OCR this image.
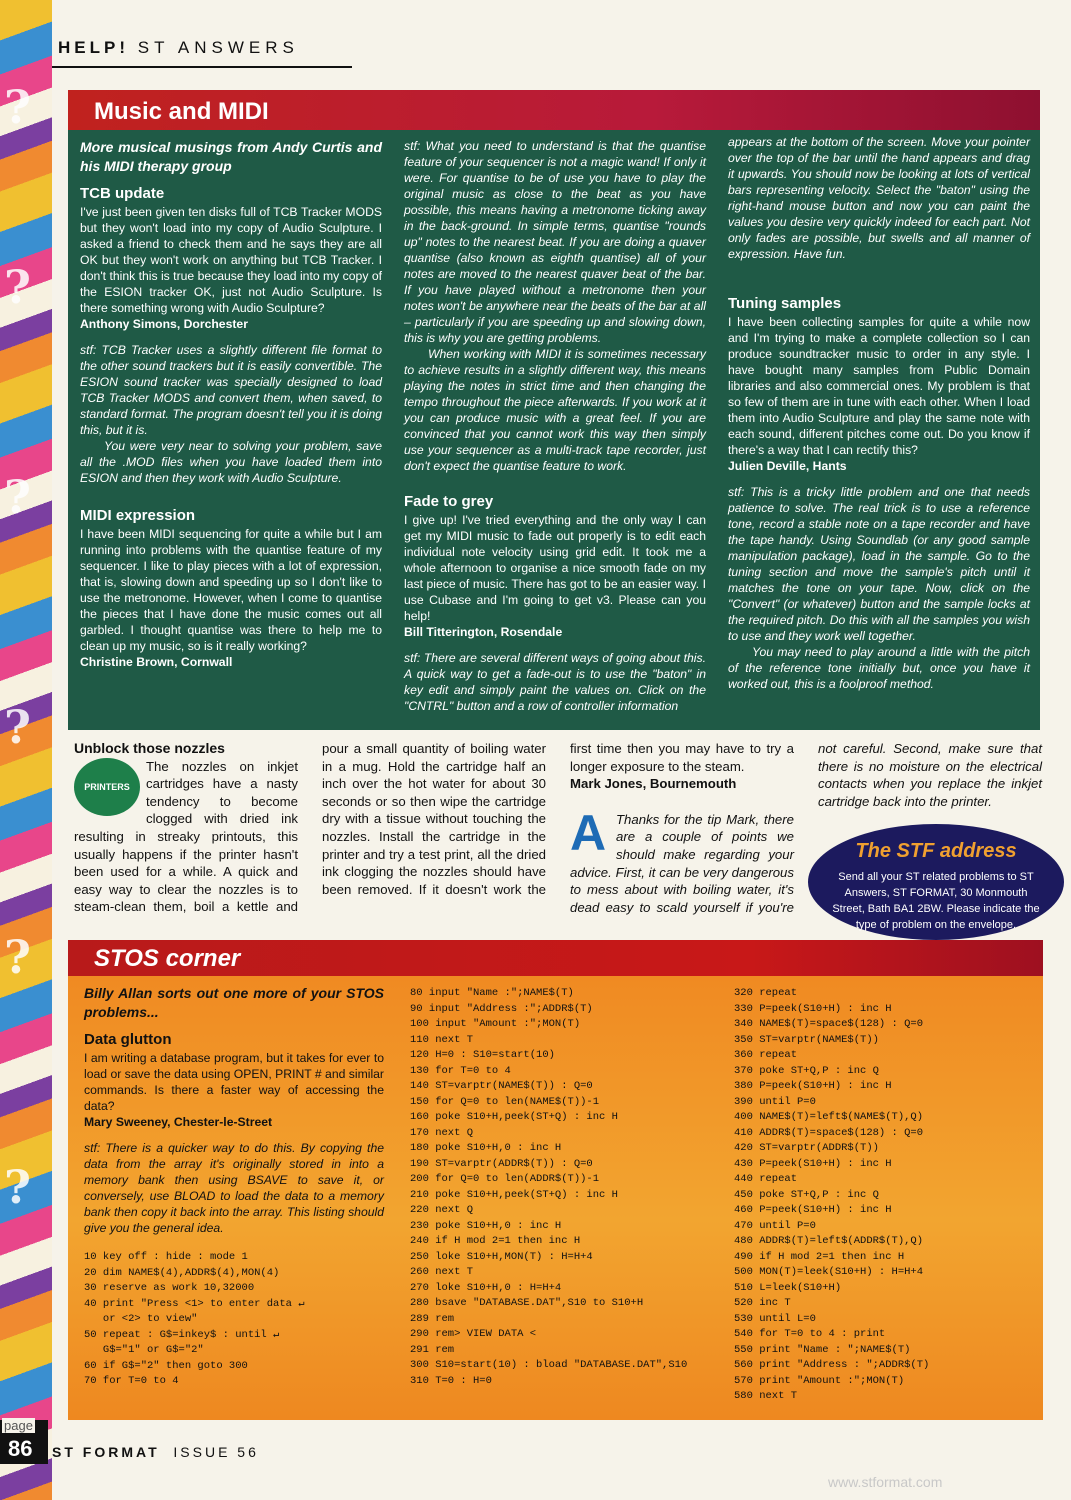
?
?
?
?
?
?
HELP! ST ANSWERS
Music and MIDI

More musical musings from Andy Curtis and his MIDI therapy group

TCB update

I've just been given ten disks full of TCB Tracker MODS but they won't load into my copy of Audio Sculpture. I asked a friend to check them and he says they are all OK but they won't work on anything but TCB Tracker. I don't think this is true because they load into my copy of the ESION tracker OK, just not Audio Sculpture. Is there something wrong with Audio Sculpture?

Anthony Simons, Dorchester

stf: TCB Tracker uses a slightly different file format to the other sound trackers but it is easily convertible. The ESION sound tracker was specially designed to load TCB Tracker MODS and convert them, when saved, to standard format. The program doesn't tell you it is doing this, but it is.

You were very near to solving your problem, save all the .MOD files when you have loaded them into ESION and then they work with Audio Sculpture.

MIDI expression

I have been MIDI sequencing for quite a while but I am running into problems with the quantise feature of my sequencer. I like to play pieces with a lot of expression, that is, slowing down and speeding up so I don't like to use the metronome. However, when I come to quantise the pieces that I have done the music comes out all garbled. I thought quantise was there to help me to clean up my music, so is it really working?

Christine Brown, Cornwall

stf: What you need to understand is that the quantise feature of your sequencer is not a magic wand! If only it were. For quantise to be of use you have to play the original music as close to the beat as you have possible, this means having a metronome ticking away in the back-ground. In simple terms, quantise "rounds up" notes to the nearest beat. If you are doing a quaver quantise (also known as eighth quantise) all of your notes are moved to the nearest quaver beat of the bar. If you have played without a metronome then your notes won't be anywhere near the beats of the bar at all – particularly if you are speeding up and slowing down, this is why you are getting problems.

When working with MIDI it is sometimes necessary to achieve results in a slightly different way, this means playing the notes in strict time and then changing the tempo throughout the piece afterwards. If you work at it you can produce music with a great feel. If you are convinced that you cannot work this way then simply use your sequencer as a multi-track tape recorder, just don't expect the quantise feature to work.

Fade to grey

I give up! I've tried everything and the only way I can get my MIDI music to fade out properly is to edit each individual note velocity using grid edit. It took me a whole afternoon to organise a nice smooth fade on my last piece of music. There has got to be an easier way. I use Cubase and I'm going to get v3. Please can you help!

Bill Titterington, Rosendale

stf: There are several different ways of going about this. A quick way to get a fade-out is to use the "baton" in key edit and simply paint the values on. Click on the "CNTRL" button and a row of controller information

appears at the bottom of the screen. Move your pointer over the top of the bar until the hand appears and drag it upwards. You should now be looking at lots of vertical bars representing velocity. Select the "baton" using the right-hand mouse button and now you can paint the values you desire very quickly indeed for each part. Not only fades are possible, but swells and all manner of expression. Have fun.

Tuning samples

I have been collecting samples for quite a while now and I'm trying to make a complete collection so I can produce soundtracker music to order in any style. I have bought many samples from Public Domain libraries and also commercial ones. My problem is that so few of them are in tune with each other. When I load them into Audio Sculpture and play the same note with each sound, different pitches come out. Do you know if there's a way that I can rectify this?

Julien Deville, Hants

stf: This is a tricky little problem and one that needs patience to solve. The real trick is to use a reference tone, record a stable note on a tape recorder and have the tape handy. Using Soundlab (or any good sample manipulation package), load in the sample. Go to the tuning section and move the sample's pitch until it matches the tone on your tape. Now, click on the "Convert" (or whatever) button and the sample locks at the required pitch. Do this with all the samples you wish to use and they work well together.

You may need to play around a little with the pitch of the reference tone initially but, once you have it worked out, this is a foolproof method.

Unblock those nozzles
PRINTERS
The nozzles on inkjet cartridges have a nasty tendency to become clogged with dried ink resulting in streaky printouts, this usually happens if the printer hasn't been used for a while. A quick and easy way to clear the nozzles is to steam-clean them, boil a kettle and pour a small quantity of boiling water in a mug. Hold the cartridge half an inch over the hot water for about 30 seconds or so then wipe the cartridge dry with a tissue without touching the nozzles. Install the cartridge in the printer and try a test print, all the dried ink clogging the nozzles should have been removed. If it doesn't work the first time then you may have to try a longer exposure to the steam.
Mark Jones, Bournemouth
A Thanks for the tip Mark, there are a couple of points we should make regarding your advice. First, it can be very dangerous to mess about with boiling water, it's dead easy to scald yourself if you're not careful. Second, make sure that there is no moisture on the electrical contacts when you replace the inkjet cartridge back into the printer.
The STF address
Send all your ST related problems to ST Answers, ST FORMAT, 30 Monmouth Street, Bath BA1 2BW. Please indicate the type of problem on the envelope.
STOS corner

Billy Allan sorts out one more of your STOS problems...

Data glutton

I am writing a database program, but it takes for ever to load or save the data using OPEN, PRINT # and similar commands. Is there a faster way of accessing the data?

Mary Sweeney, Chester-le-Street

stf: There is a quicker way to do this. By copying the data from the array it's originally stored in into a memory bank then using BSAVE to save it, or conversely, use BLOAD to load the data to a memory bank then copy it back into the array. This listing should give you the general idea.

10 key off : hide : mode 1
20 dim NAME$(4),ADDR$(4),MON(4)
30 reserve as work 10,32000
40 print "Press <1> to enter data ↵
or <2> to view"
50 repeat : G$=inkey$ : until ↵
G$="1" or G$="2"
60 if G$="2" then goto 300
70 for T=0 to 4
80 input "Name :";NAME$(T)
90 input "Address :";ADDR$(T)
100 input "Amount :";MON(T)
110 next T
120 H=0 : S10=start(10)
130 for T=0 to 4
140 ST=varptr(NAME$(T)) : Q=0
150 for Q=0 to len(NAME$(T))-1
160 poke S10+H,peek(ST+Q) : inc H
170 next Q
180 poke S10+H,0 : inc H
190 ST=varptr(ADDR$(T)) : Q=0
200 for Q=0 to len(ADDR$(T))-1
210 poke S10+H,peek(ST+Q) : inc H
220 next Q
230 poke S10+H,0 : inc H
240 if H mod 2=1 then inc H
250 loke S10+H,MON(T) : H=H+4
260 next T
270 loke S10+H,0 : H=H+4
280 bsave "DATABASE.DAT",S10 to S10+H
289 rem
290 rem> VIEW DATA <
291 rem
300 S10=start(10) : bload "DATABASE.DAT",S10
310 T=0 : H=0
320 repeat
330 P=peek(S10+H) : inc H
340 NAME$(T)=space$(128) : Q=0
350 ST=varptr(NAME$(T))
360 repeat
370 poke ST+Q,P : inc Q
380 P=peek(S10+H) : inc H
390 until P=0
400 NAME$(T)=left$(NAME$(T),Q)
410 ADDR$(T)=space$(128) : Q=0
420 ST=varptr(ADDR$(T))
430 P=peek(S10+H) : inc H
440 repeat
450 poke ST+Q,P : inc Q
460 P=peek(S10+H) : inc H
470 until P=0
480 ADDR$(T)=left$(ADDR$(T),Q)
490 if H mod 2=1 then inc H
500 MON(T)=leek(S10+H) : H=H+4
510 L=leek(S10+H)
520 inc T
530 until L=0
540 for T=0 to 4 : print
550 print "Name : ";NAME$(T)
560 print "Address : ";ADDR$(T)
570 print "Amount :";MON(T)
580 next T
page
86 ST FORMAT ISSUE 56
www.stformat.com
